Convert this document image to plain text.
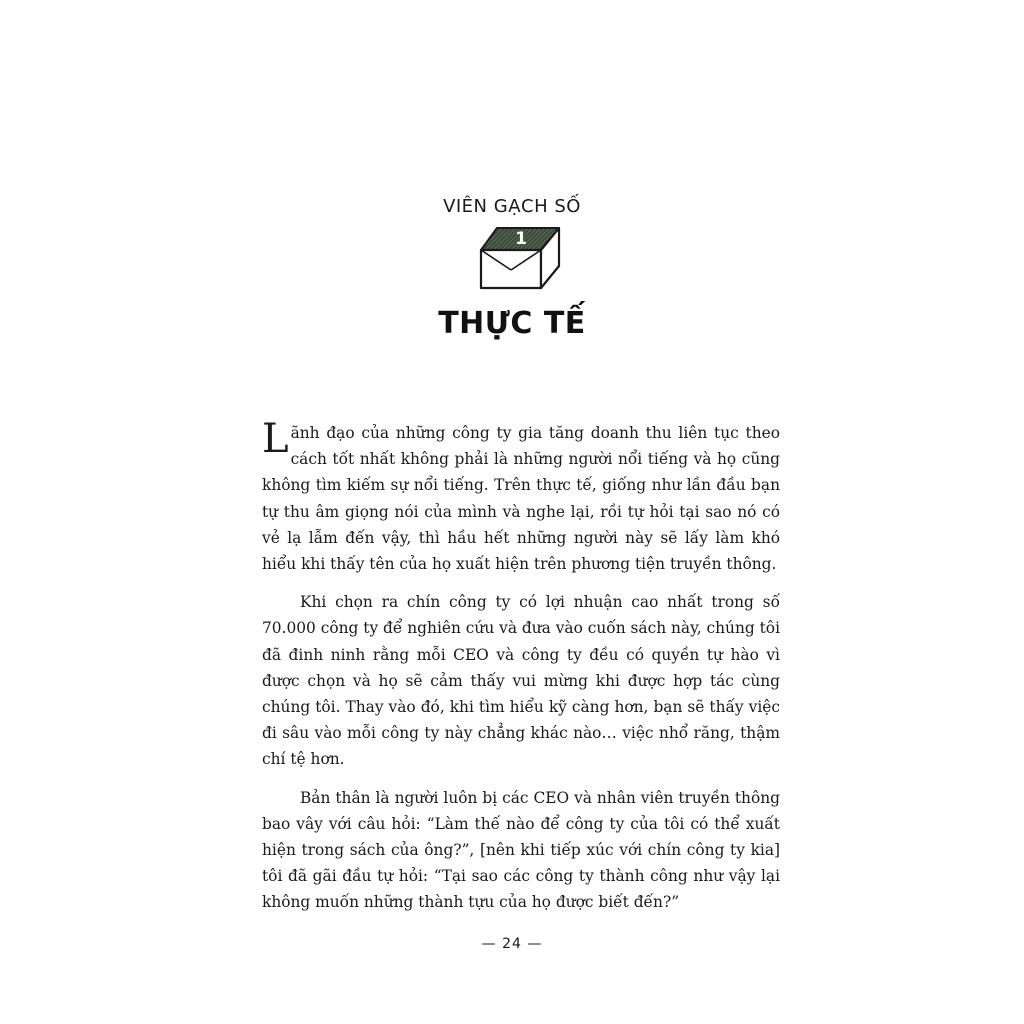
VIÊN GẠCH SỐ
1
THỰC TẾ

Lãnh đạo của những công ty gia tăng doanh thu liên tục theo cách tốt nhất không phải là những người nổi tiếng và họ cũng không tìm kiếm sự nổi tiếng. Trên thực tế, giống như lần đầu bạn tự thu âm giọng nói của mình và nghe lại, rồi tự hỏi tại sao nó có vẻ lạ lẫm đến vậy, thì hầu hết những người này sẽ lấy làm khó hiểu khi thấy tên của họ xuất hiện trên phương tiện truyền thông.

Khi chọn ra chín công ty có lợi nhuận cao nhất trong số 70.000 công ty để nghiên cứu và đưa vào cuốn sách này, chúng tôi đã đinh ninh rằng mỗi CEO và công ty đều có quyền tự hào vì được chọn và họ sẽ cảm thấy vui mừng khi được hợp tác cùng chúng tôi. Thay vào đó, khi tìm hiểu kỹ càng hơn, bạn sẽ thấy việc đi sâu vào mỗi công ty này chẳng khác nào… việc nhổ răng, thậm chí tệ hơn.

Bản thân là người luôn bị các CEO và nhân viên truyền thông bao vây với câu hỏi: “Làm thế nào để công ty của tôi có thể xuất hiện trong sách của ông?”, [nên khi tiếp xúc với chín công ty kia] tôi đã gãi đầu tự hỏi: “Tại sao các công ty thành công như vậy lại không muốn những thành tựu của họ được biết đến?”

— 24 —
